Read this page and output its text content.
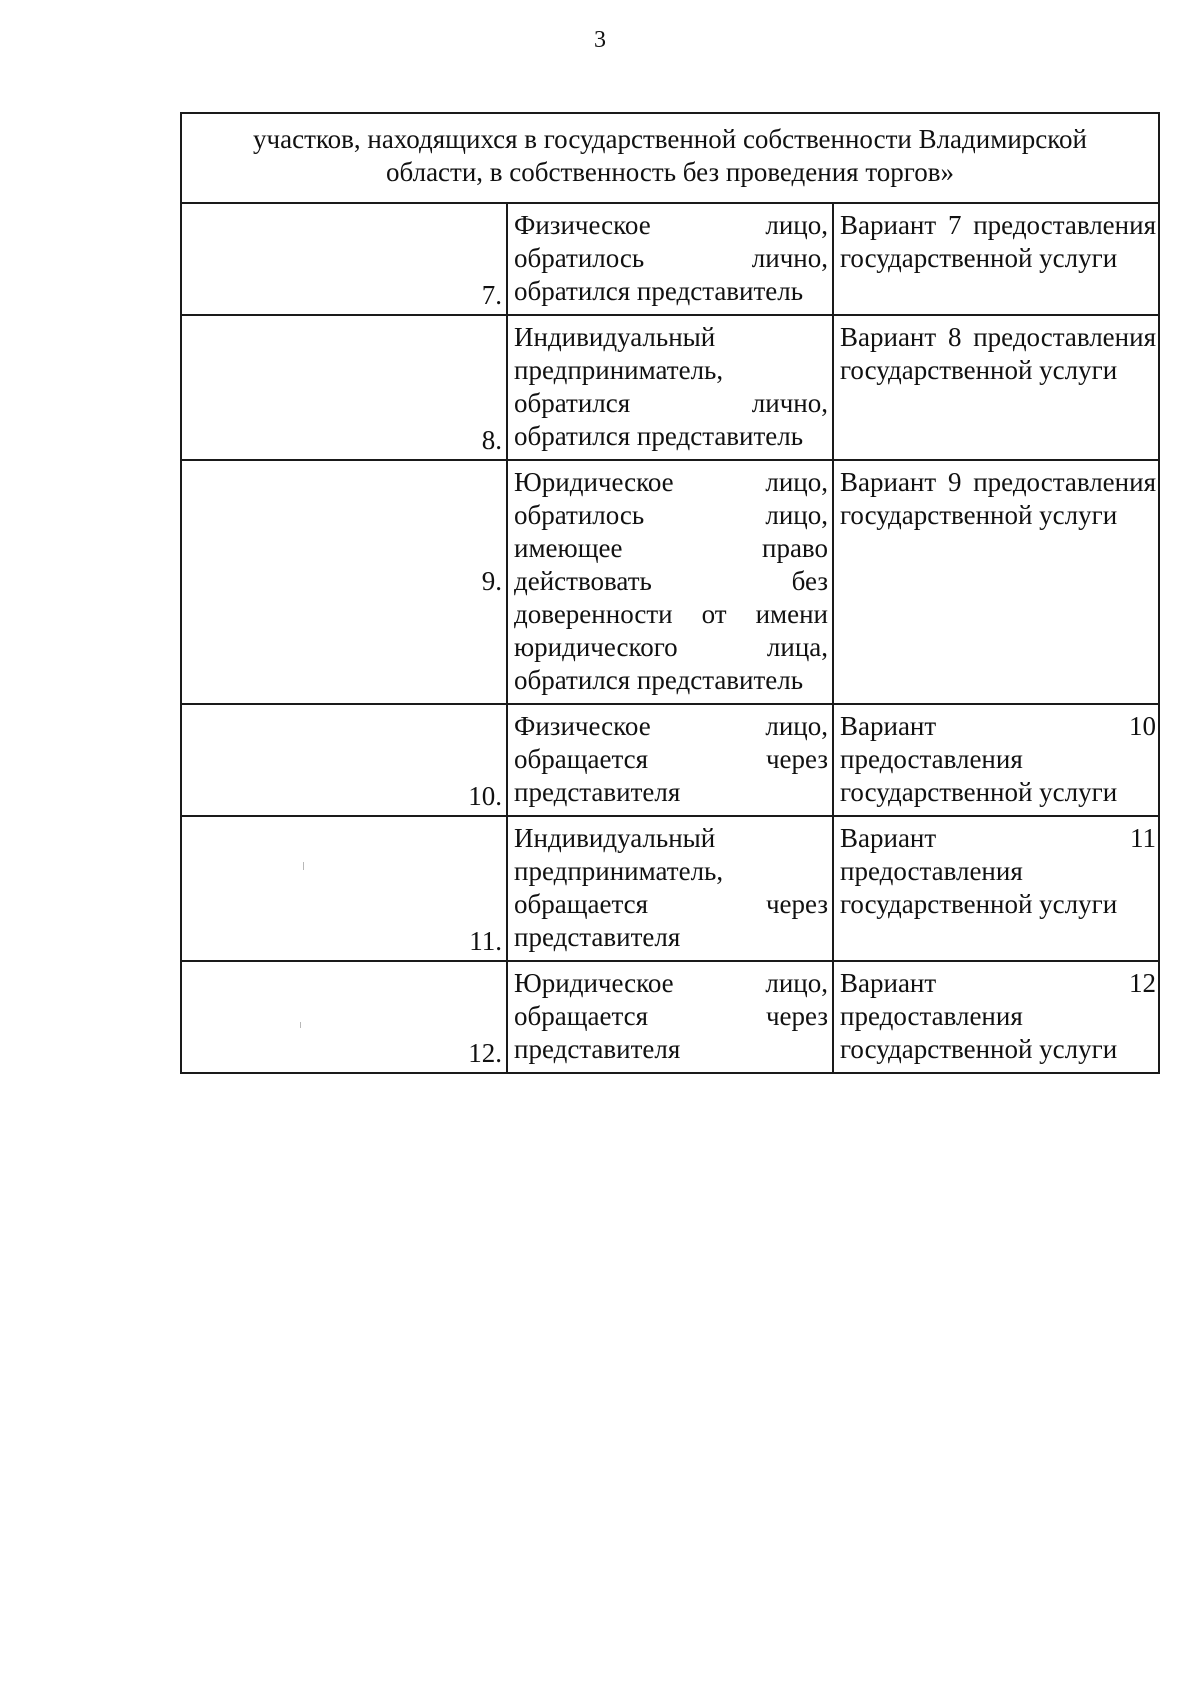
3
участков, находящихся в государственной собственности Владимирской области, в собственность без проведения торгов»		
7.	Физическое лицо, обратилось лично, обратился представитель	Вариант 7 предоставления государственной услуги
8.	Индивидуальный предприниматель, обратился лично, обратился представитель	Вариант 8 предоставления государственной услуги
9.	Юридическое лицо, обратилось лицо, имеющее право действовать без доверенности от имени юридического лица, обратился представитель	Вариант 9 предоставления государственной услуги
10.	Физическое лицо, обращается через представителя	Вариант 10 предоставления государственной услуги
11.	Индивидуальный предприниматель, обращается через представителя	Вариант 11 предоставления государственной услуги
12.	Юридическое лицо, обращается через представителя	Вариант 12 предоставления государственной услуги
